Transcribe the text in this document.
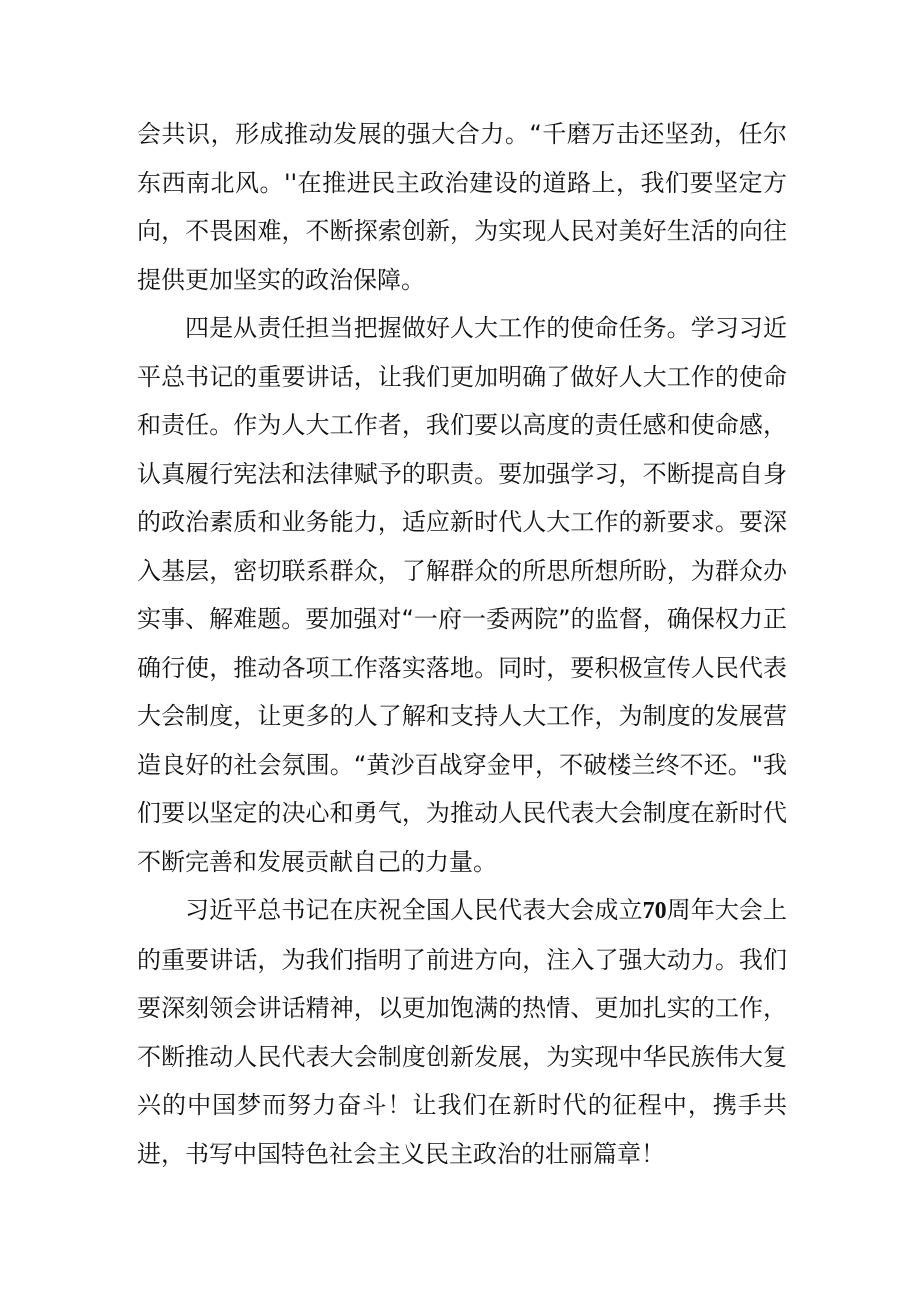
会共识，形成推动发展的强大合力。“千磨万击还坚劲，任尔东西南北风。''在推进民主政治建设的道路上，我们要坚定方向，不畏困难，不断探索创新，为实现人民对美好生活的向往提供更加坚实的政治保障。

四是从责任担当把握做好人大工作的使命任务。学习习近平总书记的重要讲话，让我们更加明确了做好人大工作的使命和责任。作为人大工作者，我们要以高度的责任感和使命感，认真履行宪法和法律赋予的职责。要加强学习，不断提高自身的政治素质和业务能力，适应新时代人大工作的新要求。要深入基层，密切联系群众，了解群众的所思所想所盼，为群众办实事、解难题。要加强对“一府一委两院”的监督，确保权力正确行使，推动各项工作落实落地。同时，要积极宣传人民代表大会制度，让更多的人了解和支持人大工作，为制度的发展营造良好的社会氛围。“黄沙百战穿金甲，不破楼兰终不还。"我们要以坚定的决心和勇气，为推动人民代表大会制度在新时代不断完善和发展贡献自己的力量。

习近平总书记在庆祝全国人民代表大会成立70周年大会上的重要讲话，为我们指明了前进方向，注入了强大动力。我们要深刻领会讲话精神，以更加饱满的热情、更加扎实的工作，不断推动人民代表大会制度创新发展，为实现中华民族伟大复兴的中国梦而努力奋斗！让我们在新时代的征程中，携手共进，书写中国特色社会主义民主政治的壮丽篇章！
